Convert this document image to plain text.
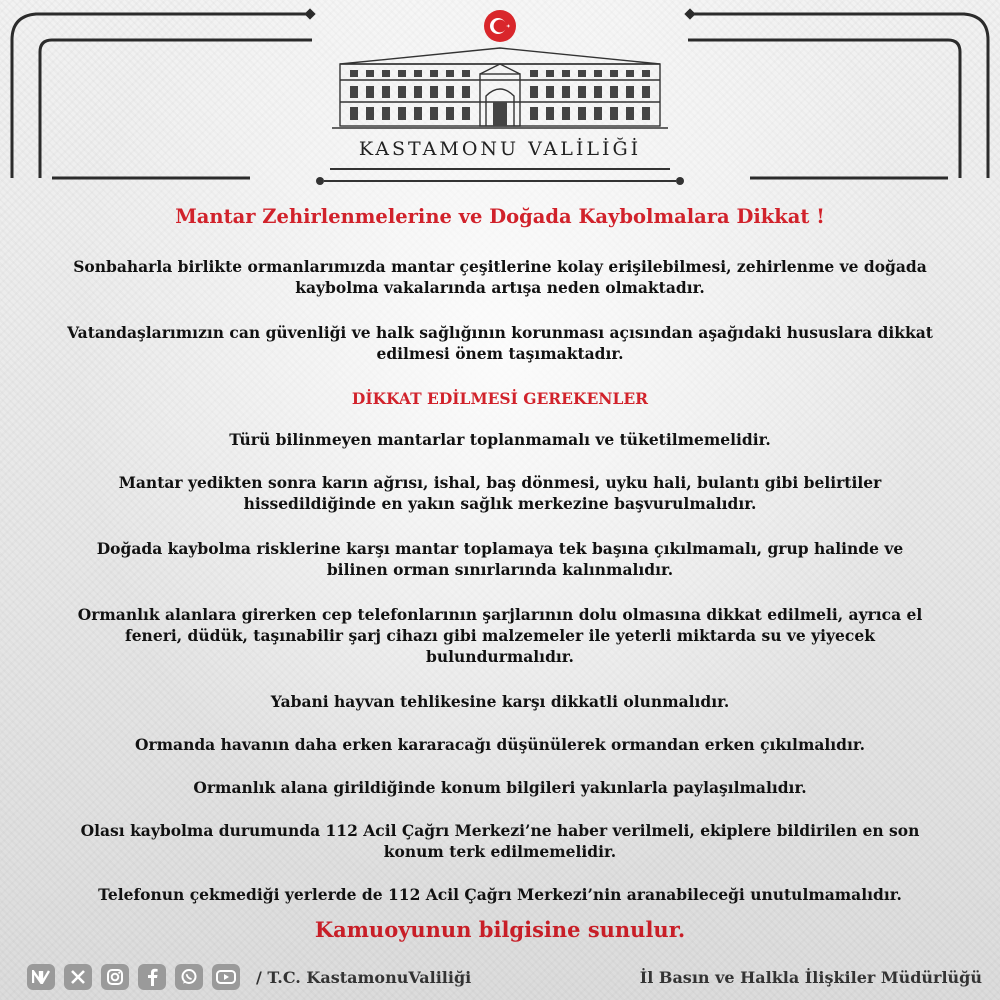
KASTAMONU VALİLİĞİ
Mantar Zehirlenmelerine ve Doğada Kaybolmalara Dikkat !

Sonbaharla birlikte ormanlarımızda mantar çeşitlerine kolay erişilebilmesi, zehirlenme ve doğada
kaybolma vakalarında artışa neden olmaktadır.

Vatandaşlarımızın can güvenliği ve halk sağlığının korunması açısından aşağıdaki hususlara dikkat
edilmesi önem taşımaktadır.

DİKKAT EDİLMESİ GEREKENLER

Türü bilinmeyen mantarlar toplanmamalı ve tüketilmemelidir.

Mantar yedikten sonra karın ağrısı, ishal, baş dönmesi, uyku hali, bulantı gibi belirtiler
hissedildiğinde en yakın sağlık merkezine başvurulmalıdır.

Doğada kaybolma risklerine karşı mantar toplamaya tek başına çıkılmamalı, grup halinde ve
bilinen orman sınırlarında kalınmalıdır.

Ormanlık alanlara girerken cep telefonlarının şarjlarının dolu olmasına dikkat edilmeli, ayrıca el
feneri, düdük, taşınabilir şarj cihazı gibi malzemeler ile yeterli miktarda su ve yiyecek
bulundurmalıdır.

Yabani hayvan tehlikesine karşı dikkatli olunmalıdır.

Ormanda havanın daha erken kararacağı düşünülerek ormandan erken çıkılmalıdır.

Ormanlık alana girildiğinde konum bilgileri yakınlarla paylaşılmalıdır.

Olası kaybolma durumunda 112 Acil Çağrı Merkezi’ne haber verilmeli, ekiplere bildirilen en son
konum terk edilmemelidir.

Telefonun çekmediği yerlerde de 112 Acil Çağrı Merkezi’nin aranabileceği unutulmamalıdır.

Kamuoyunun bilgisine sunulur.

/ T.C. KastamonuValiliği	İl Basın ve Halkla İlişkiler Müdürlüğü
